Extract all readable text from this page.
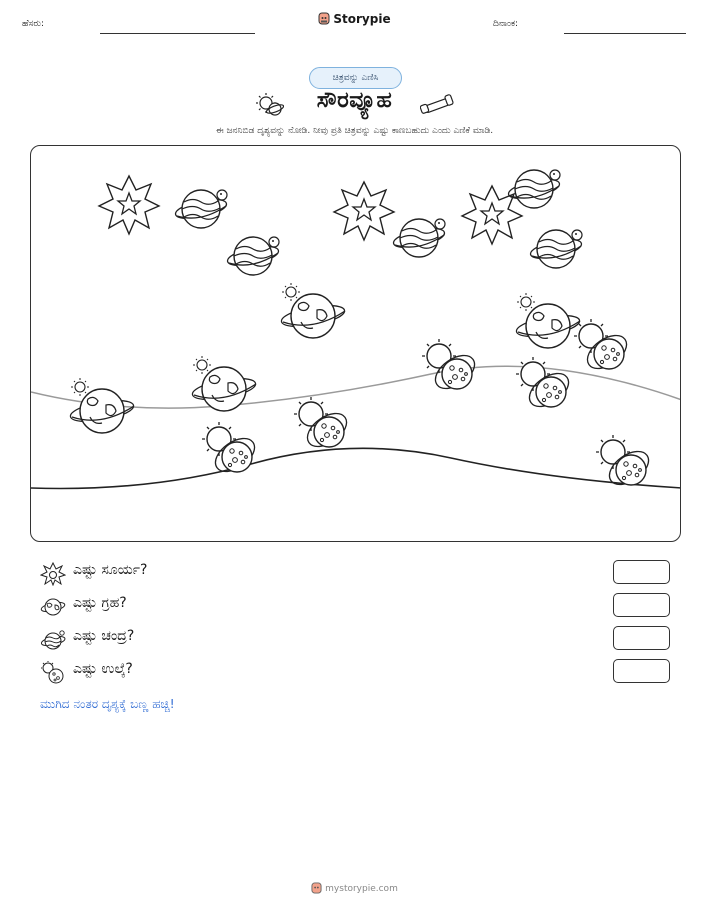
ಹೆಸರು:	Storypie	ದಿನಾಂಕ:
ಚಿತ್ರವನ್ನು ಎಣಿಸಿ
ಸೌರವ್ಯೂಹ
ಈ ಜನನಿಬಿಡ ದೃಶ್ಯವನ್ನು ನೋಡಿ. ನೀವು ಪ್ರತಿ ಚಿತ್ರವನ್ನು ಎಷ್ಟು ಕಾಣಬಹುದು ಎಂದು ಎಣಿಕೆ ಮಾಡಿ.
ಎಷ್ಟು ಸೂರ್ಯ?
ಎಷ್ಟು ಗ್ರಹ?
ಎಷ್ಟು ಚಂದ್ರ?
ಎಷ್ಟು ಉಲ್ಕೆ?
ಮುಗಿದ ನಂತರ ದೃಶ್ಯಕ್ಕೆ ಬಣ್ಣ ಹಚ್ಚಿ!
mystorypie.com
